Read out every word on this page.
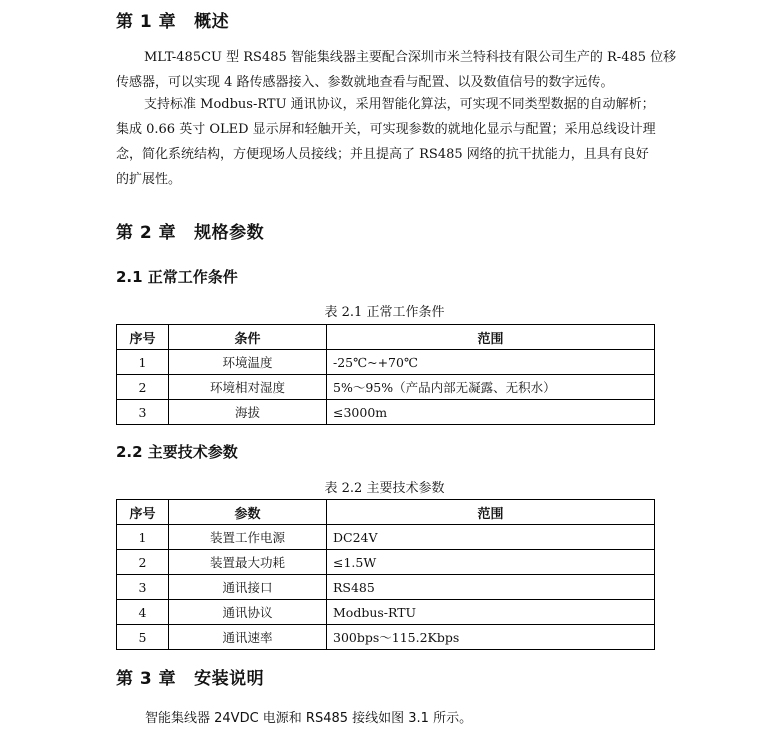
第 1 章 概述

MLT-485CU 型 RS485 智能集线器主要配合深圳市米兰特科技有限公司生产的 R-485 位移

传感器，可以实现 4 路传感器接入、参数就地查看与配置、以及数值信号的数字远传。

支持标准 Modbus-RTU 通讯协议，采用智能化算法，可实现不同类型数据的自动解析；

集成 0.66 英寸 OLED 显示屏和轻触开关，可实现参数的就地化显示与配置；采用总线设计理

念，简化系统结构，方便现场人员接线；并且提高了 RS485 网络的抗干扰能力，且具有良好

的扩展性。

第 2 章 规格参数
2.1 正常工作条件
表 2.1 正常工作条件
序号	条件	范围
1	环境温度	-25℃~+70℃
2	环境相对湿度	5%～95%（产品内部无凝露、无积水）
3	海拔	≤3000m
2.2 主要技术参数
表 2.2 主要技术参数
序号	参数	范围
1	装置工作电源	DC24V
2	装置最大功耗	≤1.5W
3	通讯接口	RS485
4	通讯协议	Modbus-RTU
5	通讯速率	300bps～115.2Kbps
第 3 章 安装说明
智能集线器 24VDC 电源和 RS485 接线如图 3.1 所示。
